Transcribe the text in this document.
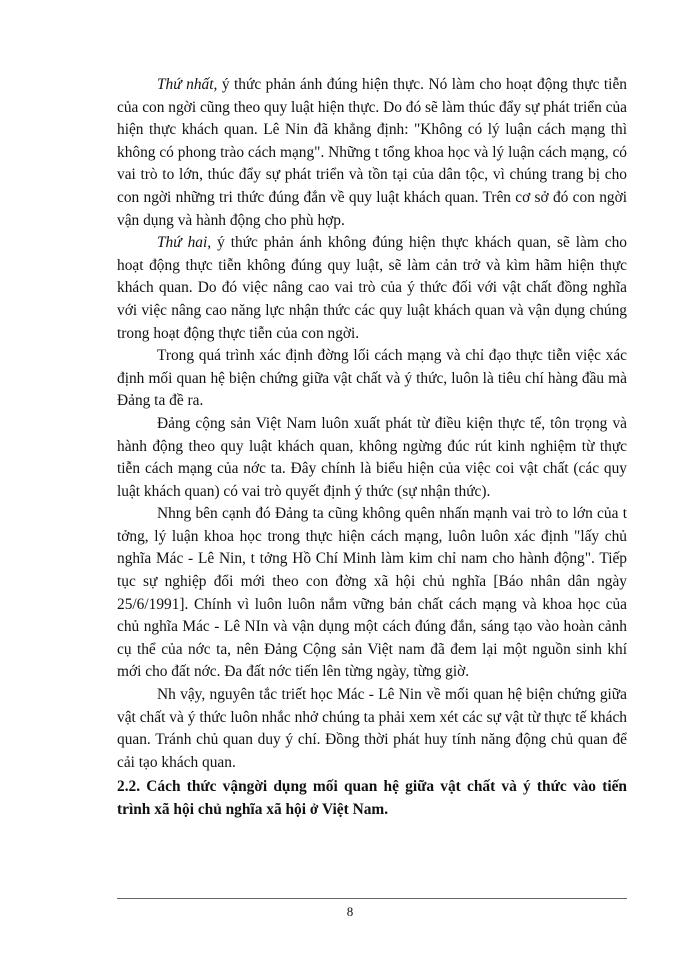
Thứ nhất, ý thức phản ánh đúng hiện thực. Nó làm cho hoạt động thực tiễn của con ngời cũng theo quy luật hiện thực. Do đó sẽ làm thúc đẩy sự phát triển của hiện thực khách quan. Lê Nin đã khẳng định: "Không có lý luận cách mạng thì không có phong trào cách mạng". Những t tổng khoa học và lý luận cách mạng, có vai trò to lớn, thúc đẩy sự phát triển và tồn tại của dân tộc, vì chúng trang bị cho con ngời những tri thức đúng đắn về quy luật khách quan. Trên cơ sở đó con ngời vận dụng và hành động cho phù hợp.

Thứ hai, ý thức phản ánh không đúng hiện thực khách quan, sẽ làm cho hoạt động thực tiễn không đúng quy luật, sẽ làm cản trở và kìm hãm hiện thực khách quan. Do đó việc nâng cao vai trò của ý thức đối với vật chất đồng nghĩa với việc nâng cao năng lực nhận thức các quy luật khách quan và vận dụng chúng trong hoạt động thực tiễn của con ngời.

Trong quá trình xác định đờng lối cách mạng và chỉ đạo thực tiễn việc xác định mối quan hệ biện chứng giữa vật chất và ý thức, luôn là tiêu chí hàng đầu mà Đảng ta đề ra.

Đảng cộng sản Việt Nam luôn xuất phát từ điều kiện thực tế, tôn trọng và hành động theo quy luật khách quan, không ngừng đúc rút kinh nghiệm từ thực tiễn cách mạng của nớc ta. Đây chính là biểu hiện của việc coi vật chất (các quy luật khách quan) có vai trò quyết định ý thức (sự nhận thức).

Nhng bên cạnh đó Đảng ta cũng không quên nhấn mạnh vai trò to lớn của t tởng, lý luận khoa học trong thực hiện cách mạng, luôn luôn xác định "lấy chủ nghĩa Mác - Lê Nin, t tởng Hồ Chí Minh làm kim chỉ nam cho hành động". Tiếp tục sự nghiệp đổi mới theo con đờng xã hội chủ nghĩa [Báo nhân dân ngày 25/6/1991]. Chính vì luôn luôn nắm vững bản chất cách mạng và khoa học của chủ nghĩa Mác - Lê NIn và vận dụng một cách đúng đắn, sáng tạo vào hoàn cảnh cụ thể của nớc ta, nên Đảng Cộng sản Việt nam đã đem lại một nguồn sinh khí mới cho đất nớc. Đa đất nớc tiến lên từng ngày, từng giờ.

Nh vậy, nguyên tắc triết học Mác - Lê Nin về mối quan hệ biện chứng giữa vật chất và ý thức luôn nhắc nhở chúng ta phải xem xét các sự vật từ thực tế khách quan. Tránh chủ quan duy ý chí. Đồng thời phát huy tính năng động chủ quan để cải tạo khách quan.

2.2. Cách thức vậngời dụng mối quan hệ giữa vật chất và ý thức vào tiến trình xã hội chủ nghĩa xã hội ở Việt Nam.
8
